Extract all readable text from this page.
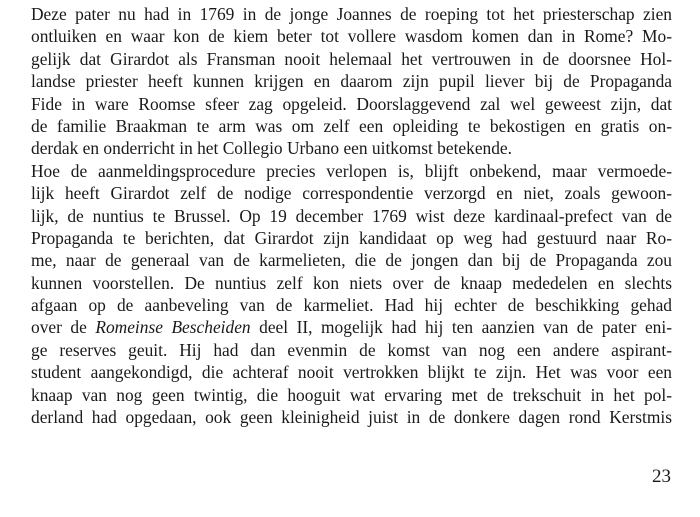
Deze pater nu had in 1769 in de jonge Joannes de roeping tot het priesterschap zien
ontluiken en waar kon de kiem beter tot vollere wasdom komen dan in Rome? Mo-
gelijk dat Girardot als Fransman nooit helemaal het vertrouwen in de doorsnee Hol-
landse priester heeft kunnen krijgen en daarom zijn pupil liever bij de Propaganda
Fide in ware Roomse sfeer zag opgeleid. Doorslaggevend zal wel geweest zijn, dat
de familie Braakman te arm was om zelf een opleiding te bekostigen en gratis on-
derdak en onderricht in het Collegio Urbano een uitkomst betekende.
Hoe de aanmeldingsprocedure precies verlopen is, blijft onbekend, maar vermoede-
lijk heeft Girardot zelf de nodige correspondentie verzorgd en niet, zoals gewoon-
lijk, de nuntius te Brussel. Op 19 december 1769 wist deze kardinaal-prefect van de
Propaganda te berichten, dat Girardot zijn kandidaat op weg had gestuurd naar Ro-
me, naar de generaal van de karmelieten, die de jongen dan bij de Propaganda zou
kunnen voorstellen. De nuntius zelf kon niets over de knaap mededelen en slechts
afgaan op de aanbeveling van de karmeliet. Had hij echter de beschikking gehad
over de Romeinse Bescheiden deel II, mogelijk had hij ten aanzien van de pater eni-
ge reserves geuit. Hij had dan evenmin de komst van nog een andere aspirant-
student aangekondigd, die achteraf nooit vertrokken blijkt te zijn. Het was voor een
knaap van nog geen twintig, die hooguit wat ervaring met de trekschuit in het pol-
derland had opgedaan, ook geen kleinigheid juist in de donkere dagen rond Kerstmis
23
